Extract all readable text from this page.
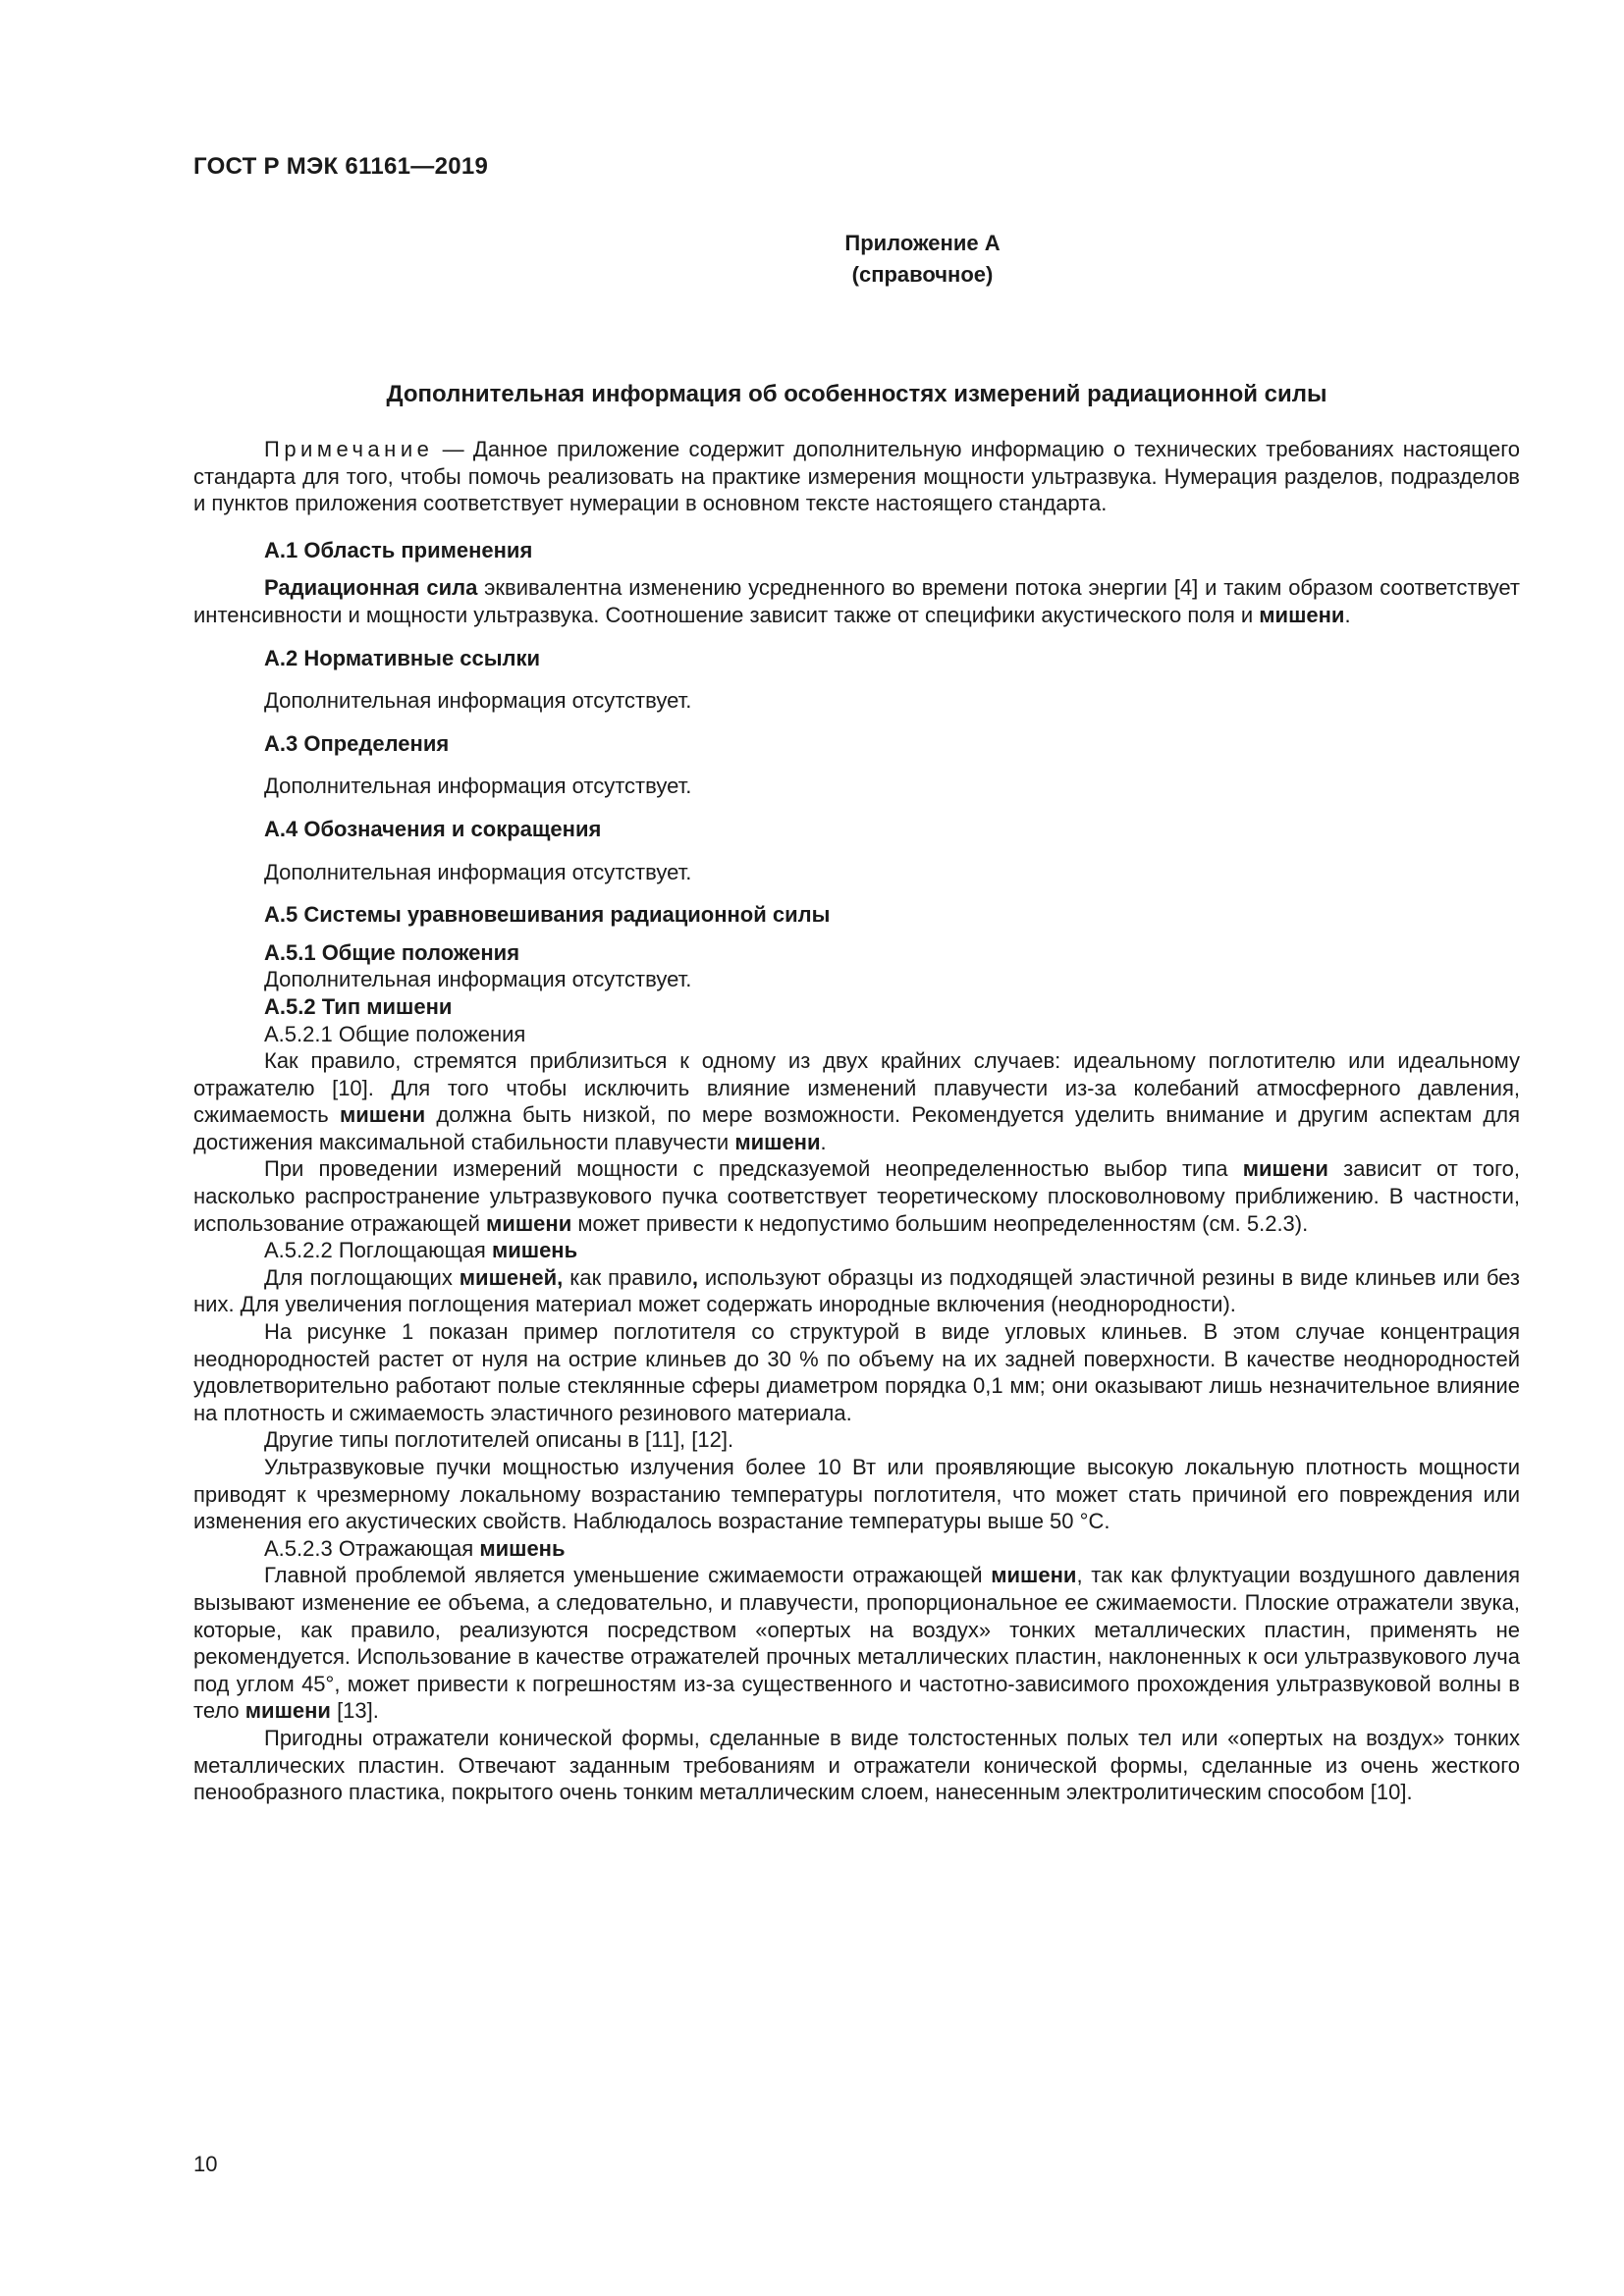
ГОСТ Р МЭК 61161—2019
Приложение А
(справочное)
Дополнительная информация об особенностях измерений радиационной силы

Примечание — Данное приложение содержит дополнительную информацию о технических требованиях настоящего стандарта для того, чтобы помочь реализовать на практике измерения мощности ультразвука. Нумерация разделов, подразделов и пунктов приложения соответствует нумерации в основном тексте настоящего стандарта.

А.1 Область применения

Радиационная сила эквивалентна изменению усредненного во времени потока энергии [4] и таким образом соответствует интенсивности и мощности ультразвука. Соотношение зависит также от специфики акустического поля и мишени.

А.2 Нормативные ссылки

Дополнительная информация отсутствует.

А.3 Определения

Дополнительная информация отсутствует.

А.4 Обозначения и сокращения

Дополнительная информация отсутствует.

А.5 Системы уравновешивания радиационной силы

А.5.1 Общие положения

Дополнительная информация отсутствует.

А.5.2 Тип мишени

А.5.2.1 Общие положения

Как правило, стремятся приблизиться к одному из двух крайних случаев: идеальному поглотителю или идеальному отражателю [10]. Для того чтобы исключить влияние изменений плавучести из-за колебаний атмосферного давления, сжимаемость мишени должна быть низкой, по мере возможности. Рекомендуется уделить внимание и другим аспектам для достижения максимальной стабильности плавучести мишени.

При проведении измерений мощности с предсказуемой неопределенностью выбор типа мишени зависит от того, насколько распространение ультразвукового пучка соответствует теоретическому плосковолновому приближению. В частности, использование отражающей мишени может привести к недопустимо большим неопределенностям (см. 5.2.3).

А.5.2.2 Поглощающая мишень

Для поглощающих мишеней, как правило, используют образцы из подходящей эластичной резины в виде клиньев или без них. Для увеличения поглощения материал может содержать инородные включения (неоднородности).

На рисунке 1 показан пример поглотителя со структурой в виде угловых клиньев. В этом случае концентрация неоднородностей растет от нуля на острие клиньев до 30 % по объему на их задней поверхности. В качестве неоднородностей удовлетворительно работают полые стеклянные сферы диаметром порядка 0,1 мм; они оказывают лишь незначительное влияние на плотность и сжимаемость эластичного резинового материала.

Другие типы поглотителей описаны в [11], [12].

Ультразвуковые пучки мощностью излучения более 10 Вт или проявляющие высокую локальную плотность мощности приводят к чрезмерному локальному возрастанию температуры поглотителя, что может стать причиной его повреждения или изменения его акустических свойств. Наблюдалось возрастание температуры выше 50 °С.

А.5.2.3 Отражающая мишень

Главной проблемой является уменьшение сжимаемости отражающей мишени, так как флуктуации воздушного давления вызывают изменение ее объема, а следовательно, и плавучести, пропорциональное ее сжимаемости. Плоские отражатели звука, которые, как правило, реализуются посредством «опертых на воздух» тонких металлических пластин, применять не рекомендуется. Использование в качестве отражателей прочных металлических пластин, наклоненных к оси ультразвукового луча под углом 45°, может привести к погрешностям из-за существенного и частотно-зависимого прохождения ультразвуковой волны в тело мишени [13].

Пригодны отражатели конической формы, сделанные в виде толстостенных полых тел или «опертых на воздух» тонких металлических пластин. Отвечают заданным требованиям и отражатели конической формы, сделанные из очень жесткого пенообразного пластика, покрытого очень тонким металлическим слоем, нанесенным электролитическим способом [10].

10
